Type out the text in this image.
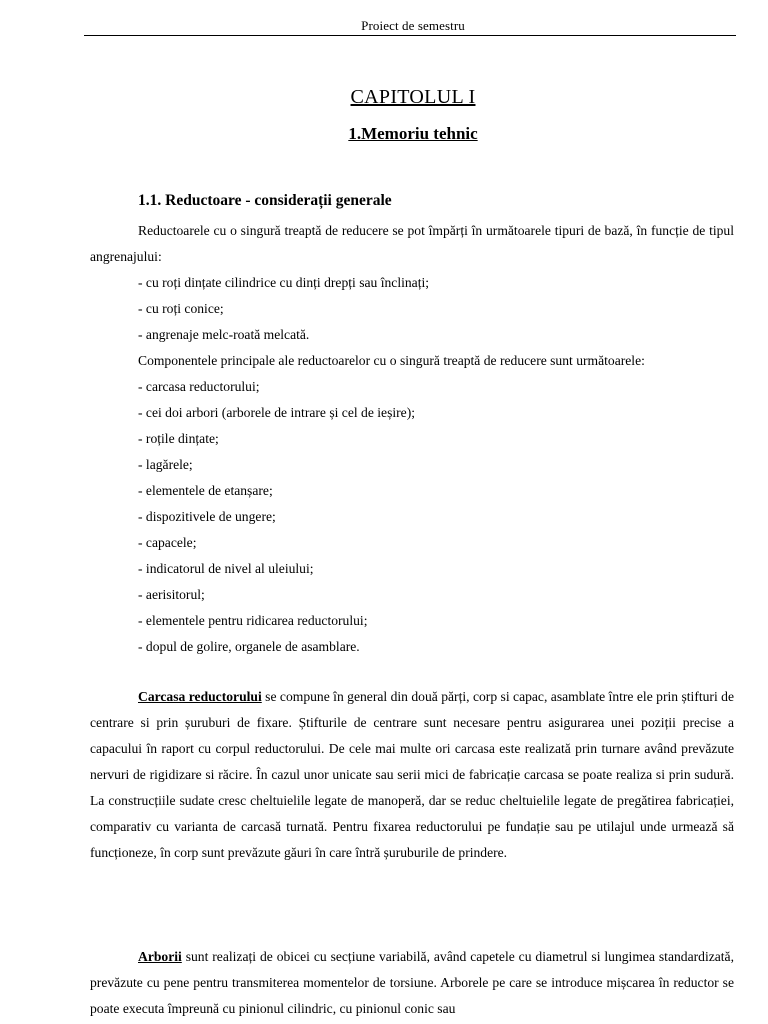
Proiect de semestru
CAPITOLUL I
1.Memoriu tehnic
1.1. Reductoare - considerații generale

Reductoarele cu o singură treaptă de reducere se pot împărți în următoarele tipuri de bază, în funcție de tipul angrenajului:

- cu roți dințate cilindrice cu dinți drepți sau înclinați;

- cu roți conice;

- angrenaje melc-roată melcată.

Componentele principale ale reductoarelor cu o singură treaptă de reducere sunt următoarele:

- carcasa reductorului;

- cei doi arbori (arborele de intrare și cel de ieșire);

- roțile dințate;

- lagărele;

- elementele de etanșare;

- dispozitivele de ungere;

- capacele;

- indicatorul de nivel al uleiului;

- aerisitorul;

- elementele pentru ridicarea reductorului;

- dopul de golire, organele de asamblare.

Carcasa reductorului se compune în general din două părți, corp si capac, asamblate între ele prin știfturi de centrare si prin șuruburi de fixare. Știfturile de centrare sunt necesare pentru asigurarea unei poziții precise a capacului în raport cu corpul reductorului. De cele mai multe ori carcasa este realizată prin turnare având prevăzute nervuri de rigidizare si răcire. În cazul unor unicate sau serii mici de fabricație carcasa se poate realiza si prin sudură. La construcțiile sudate cresc cheltuielile legate de manoperă, dar se reduc cheltuielile legate de pregătirea fabricației, comparativ cu varianta de carcasă turnată. Pentru fixarea reductorului pe fundație sau pe utilajul unde urmează să funcționeze, în corp sunt prevăzute găuri în care întră șuruburile de prindere.

Arborii sunt realizați de obicei cu secțiune variabilă, având capetele cu diametrul si lungimea standardizată, prevăzute cu pene pentru transmiterea momentelor de torsiune. Arborele pe care se introduce mișcarea în reductor se poate executa împreună cu pinionul cilindric, cu pinionul conic sau
